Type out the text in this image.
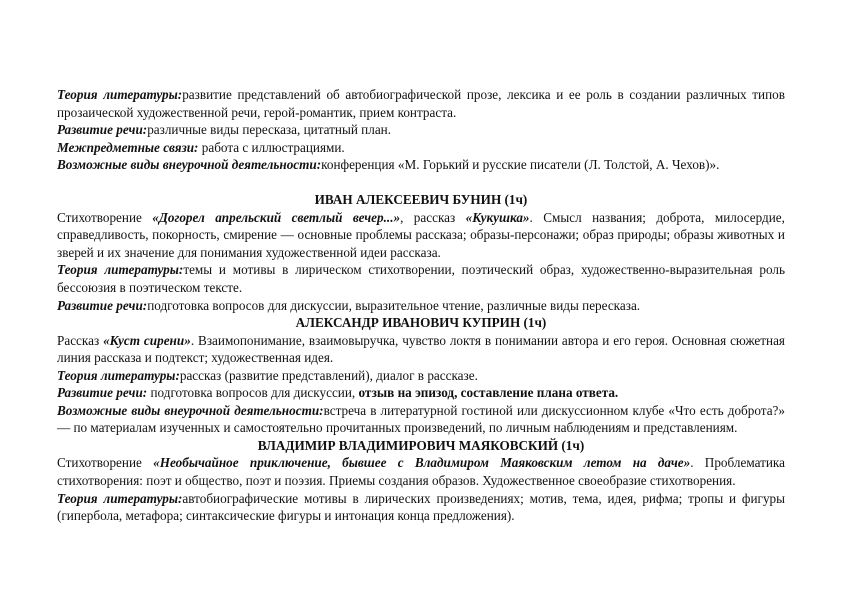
Теория литературы:развитие представлений об автобиографической прозе, лексика и ее роль в создании различных типов прозаической художественной речи, герой-романтик, прием контраста.

Развитие речи:различные виды пересказа, цитатный план.

Межпредметные связи: работа с иллюстрациями.

Возможные виды внеурочной деятельности:конференция «М. Горький и русские писатели (Л. Толстой, А. Чехов)».

ИВАН АЛЕКСЕЕВИЧ БУНИН (1ч)

Стихотворение «Догорел апрельский светлый вечер...», рассказ «Кукушка». Смысл названия; доброта, милосердие, справедливость, покорность, смирение — основные проблемы рассказа; образы-персонажи; образ природы; образы животных и зверей и их значение для понимания художественной идеи рассказа.

Теория литературы:темы и мотивы в лирическом стихотворении, поэтический образ, художественно-выразительная роль бессоюзия в поэтическом тексте.

Развитие речи:подготовка вопросов для дискуссии, выразительное чтение, различные виды пересказа.

АЛЕКСАНДР ИВАНОВИЧ КУПРИН (1ч)

Рассказ «Куст сирени». Взаимопонимание, взаимовыручка, чувство локтя в понимании автора и его героя. Основная сюжетная линия рассказа и подтекст; художественная идея.

Теория литературы:рассказ (развитие представлений), диалог в рассказе.

Развитие речи: подготовка вопросов для дискуссии, отзыв на эпизод, составление плана ответа.

Возможные виды внеурочной деятельности:встреча в литературной гостиной или дискуссионном клубе «Что есть доброта?» — по материалам изученных и самостоятельно прочитанных произведений, по личным наблюдениям и представлениям.

ВЛАДИМИР ВЛАДИМИРОВИЧ МАЯКОВСКИЙ (1ч)

Стихотворение «Необычайное приключение, бывшее с Владимиром Маяковским летом на даче». Проблематика стихотворения: поэт и общество, поэт и поэзия. Приемы создания образов. Художественное своеобразие стихотворения.

Теория литературы:автобиографические мотивы в лирических произведениях; мотив, тема, идея, рифма; тропы и фигуры (гипербола, метафора; синтаксические фигуры и интонация конца предложения).
